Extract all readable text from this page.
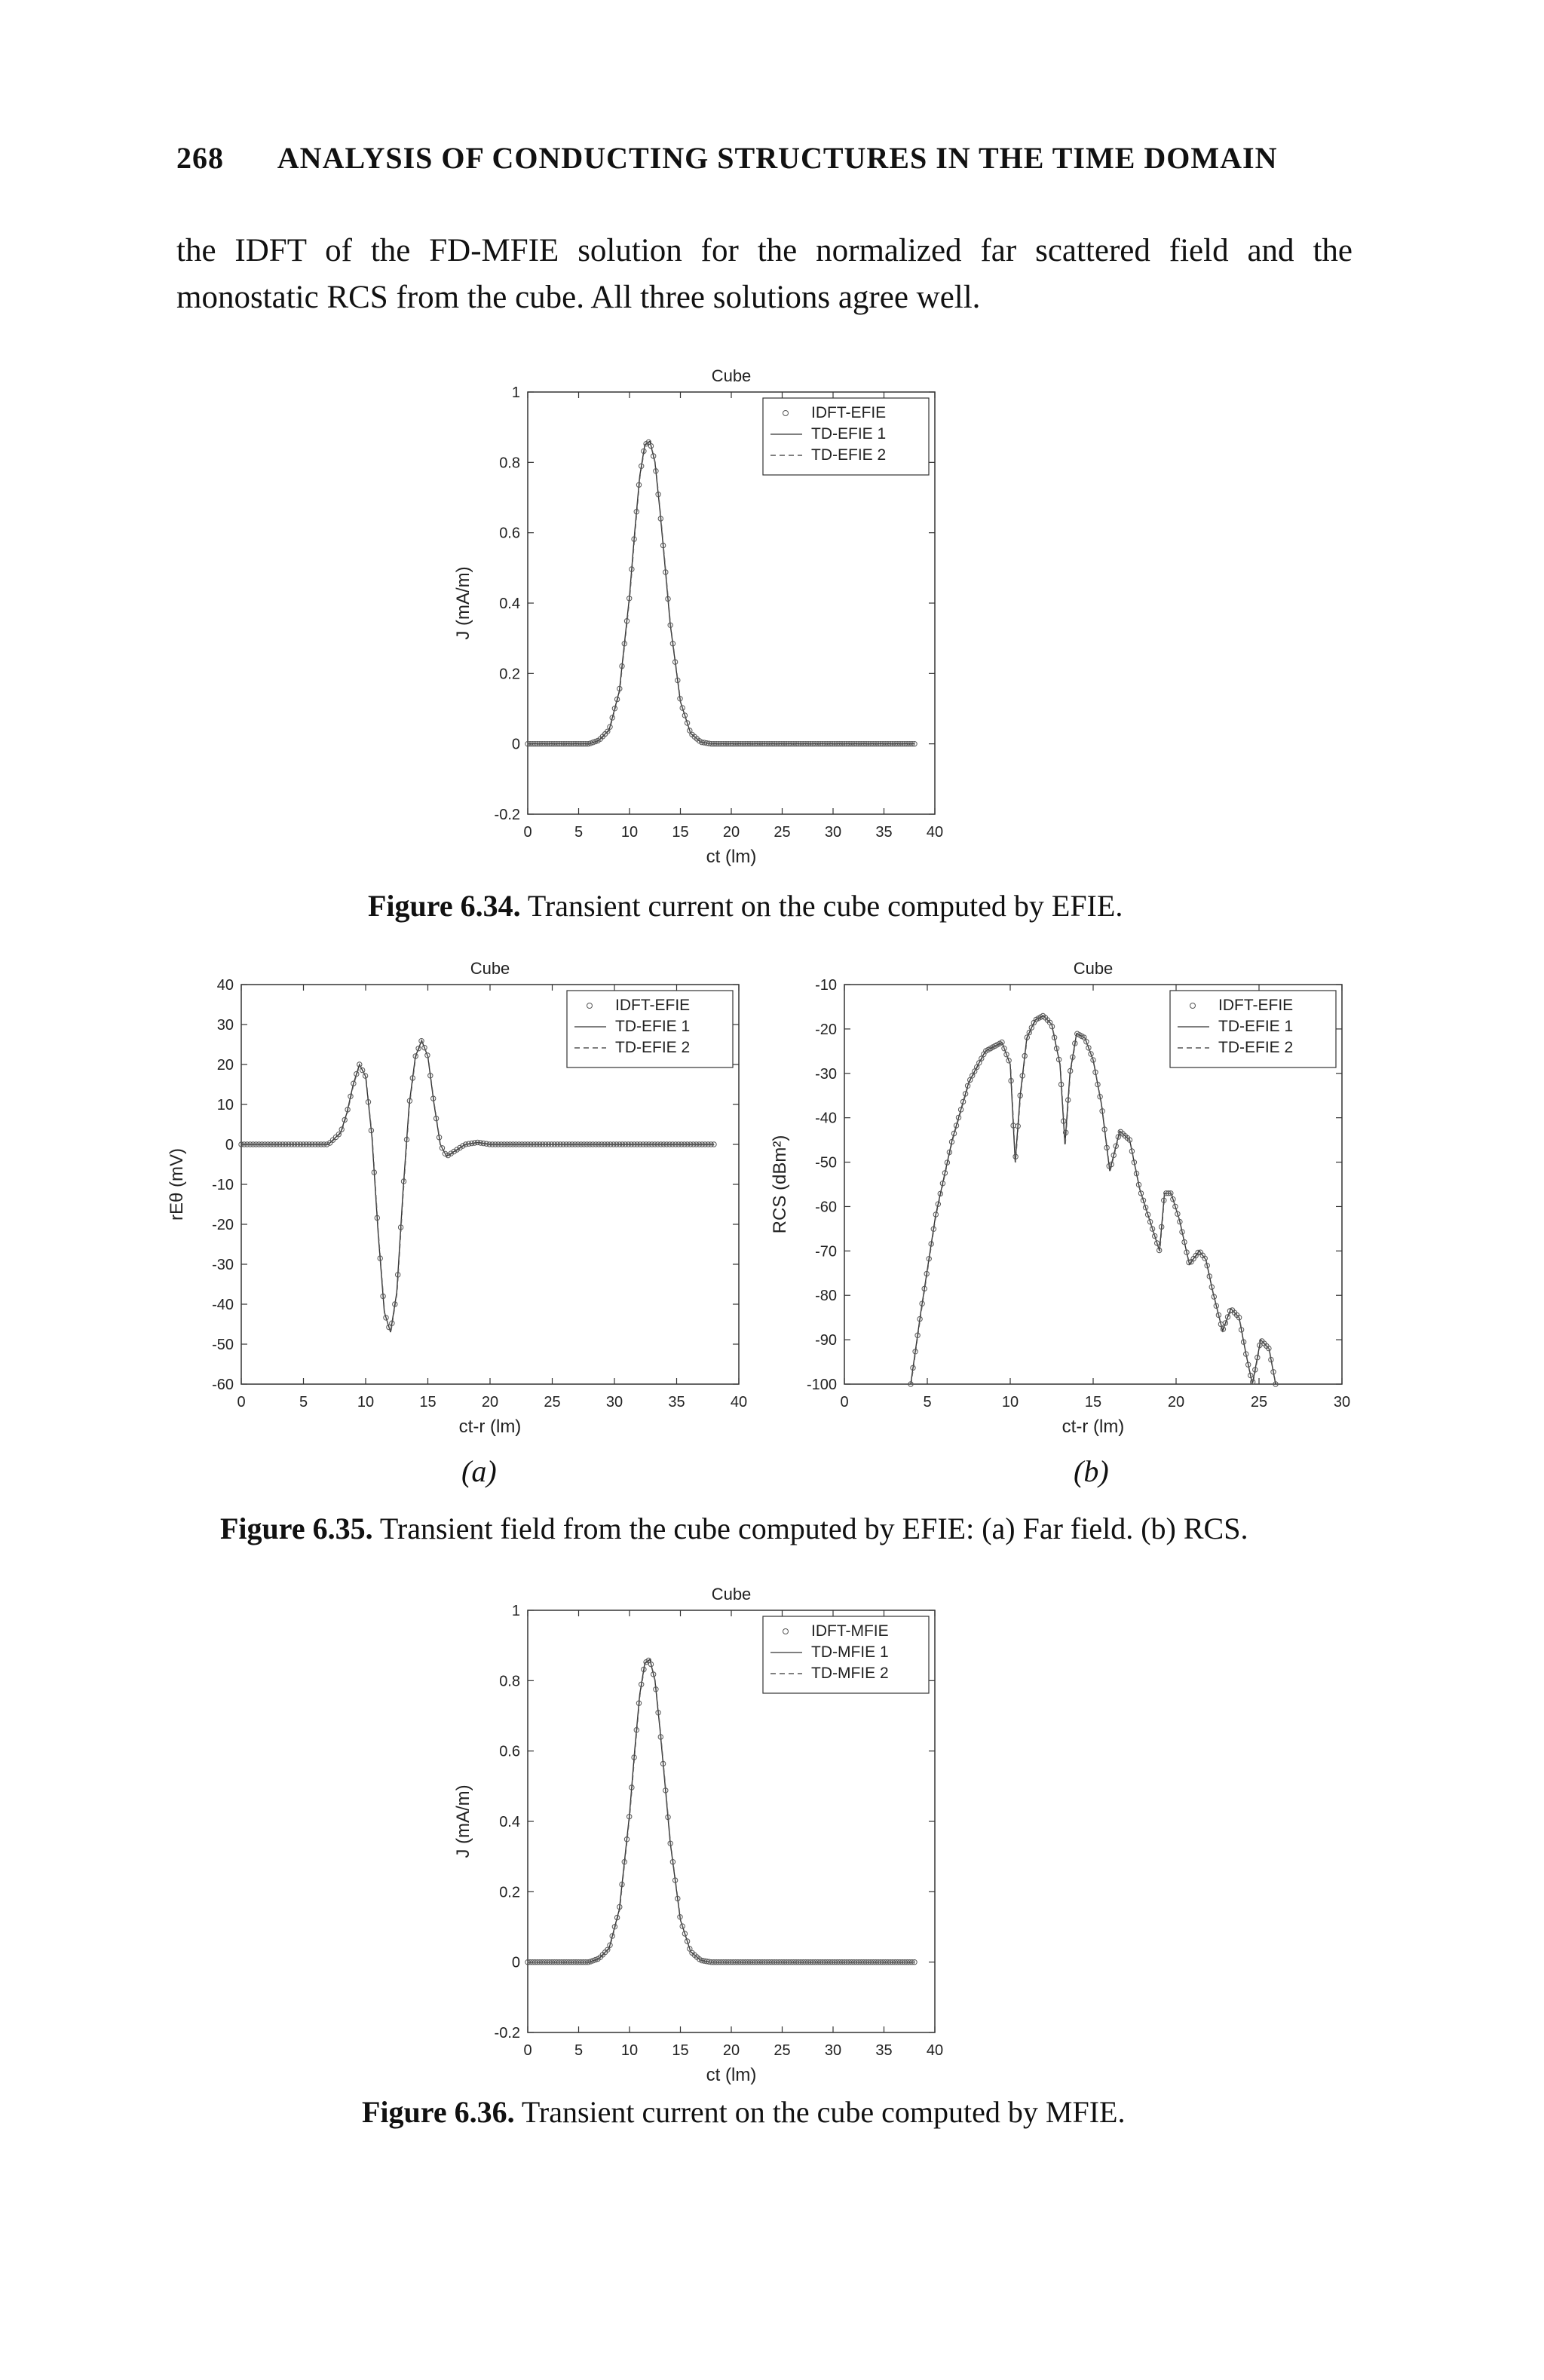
268 ANALYSIS OF CONDUCTING STRUCTURES IN THE TIME DOMAIN
the IDFT of the FD-MFIE solution for the normalized far scattered field and the monostatic RCS from the cube. All three solutions agree well.
Cube
0	5	10 15 20 25 30 35 40
-0.2
0
0.2
0.4
0.6
0.8
1
ct (lm)
J (mA/m)
IDFT-EFIE
TD-EFIE 1
TD-EFIE 2
Figure 6.34. Transient current on the cube computed by EFIE.
Cube
0	5	10	15	20	25	30	35	40
-60
-50
-40
-30
-20
-10
0
10
20
30
40
ct-r (lm)
rEθ (mV)
IDFT-EFIE
TD-EFIE 1
TD-EFIE 2
Cube
0	5	10	15	20	25	30
-100
-90
-80
-70
-60
-50
-40
-30
-20
-10
ct-r (lm)
RCS (dBm²)
IDFT-EFIE
TD-EFIE 1
TD-EFIE 2
(a)	(b)
Figure 6.35. Transient field from the cube computed by EFIE: (a) Far field. (b) RCS.
Cube
0	5	10 15 20 25 30 35 40
-0.2
0
0.2
0.4
0.6
0.8
1
ct (lm)
J (mA/m)
IDFT-MFIE
TD-MFIE 1
TD-MFIE 2
Figure 6.36. Transient current on the cube computed by MFIE.
